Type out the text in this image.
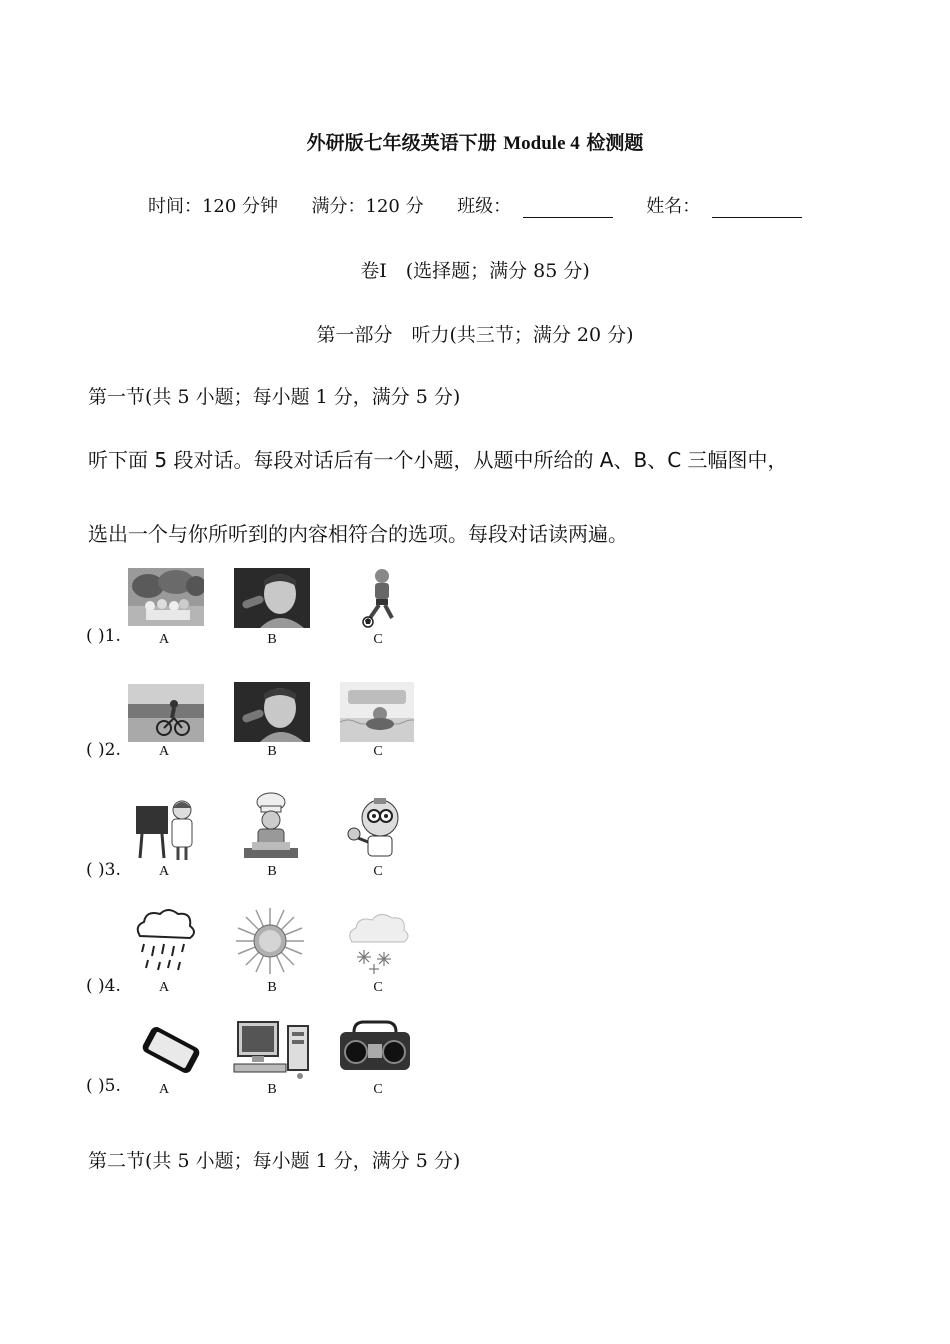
外研版七年级英语下册 Module 4 检测题
时间：120 分钟 满分：120 分 班级：	姓名：
卷Ⅰ　(选择题；满分 85 分)
第一部分　听力(共三节；满分 20 分)
第一节(共 5 小题；每小题 1 分，满分 5 分)
听下面 5 段对话。每段对话后有一个小题，从题中所给的 A、B、C 三幅图中，
选出一个与你所听到的内容相符合的选项。每段对话读两遍。
( )1.	A	B	C
( )2.	A	B	C
( )3.	A	B	C
( )4.	A	B	C
( )5.	A	B	C
第二节(共 5 小题；每小题 1 分，满分 5 分)
